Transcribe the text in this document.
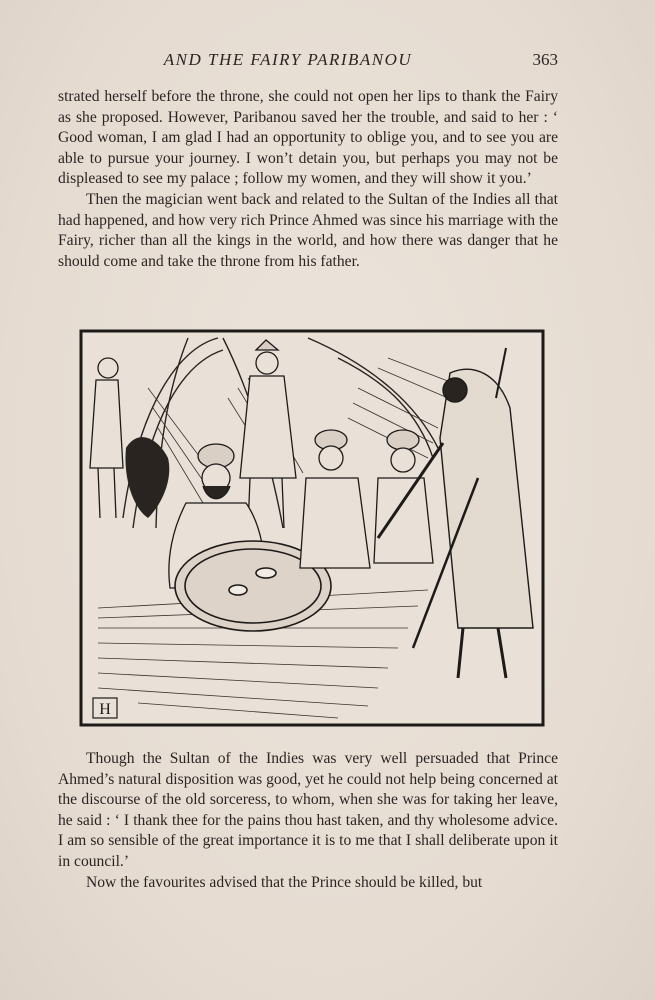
AND THE FAIRY PARIBANOU	363

strated herself before the throne, she could not open her lips to thank the Fairy as she proposed. However, Paribanou saved her the trouble, and said to her : ‘ Good woman, I am glad I had an opportunity to oblige you, and to see you are able to pursue your journey. I won’t detain you, but perhaps you may not be displeased to see my palace ; follow my women, and they will show it you.’

Then the magician went back and related to the Sultan of the Indies all that had happened, and how very rich Prince Ahmed was since his marriage with the Fairy, richer than all the kings in the world, and how there was danger that he should come and take the throne from his father.

H

Though the Sultan of the Indies was very well persuaded that Prince Ahmed’s natural disposition was good, yet he could not help being concerned at the discourse of the old sorceress, to whom, when she was for taking her leave, he said : ‘ I thank thee for the pains thou hast taken, and thy wholesome advice. I am so sensible of the great importance it is to me that I shall deliberate upon it in council.’

Now the favourites advised that the Prince should be killed, but
